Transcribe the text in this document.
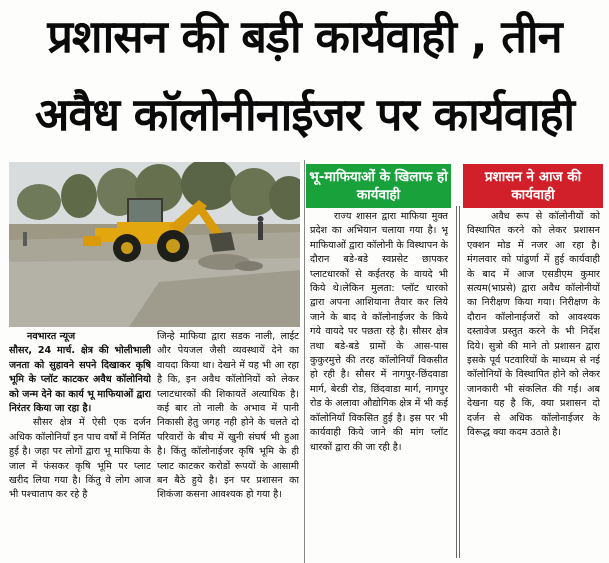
प्रशासन की बड़ी कार्यवाही , तीन
अवैध कॉलोनीनाईजर पर कार्यवाही
नवभारत न्यूज

सौसर, 24 मार्च. क्षेत्र की भोलीभाली जनता को सुहावने सपने दिखाकर कृषि भूमि के प्लॉट काटकर अवैध कॉलोनियो को जन्म देने का कार्य भू माफियाओं द्वारा निरंतर किया जा रहा है।

सौसर क्षेत्र में ऐसी एक दर्जन अधिक कॉलोनियाँ इन पाच वर्षों में निर्मित हुई है। जहा पर लोगों द्वारा भू माफिया के जाल में फंसकर कृषि भूमि पर प्लाट खरीद लिया गया है। किंतु वे लोग आज भी पश्चाताप कर रहे है

जिन्हे माफिया द्वारा सडक नाली, लाईट और पेयजल जैसी व्यवस्थायें देने का वायदा किया था। देखने में यह भी आ रहा है कि, इन अवैध कॉलोनियों को लेकर प्लाटधारकों की शिकायतें अत्याधिक है। कई बार तो नाली के अभाव में पानी निकासी हेतु जगह नही होने के चलते दो परिवारों के बीच में खुनी संघर्ष भी हुआ है। किंतु कॉलोनाईजर कृषि भूमि के ही प्लाट काटकर करोडों रूपयों के आसामी बन बैठे हुये है। इन पर प्रशासन का शिकंजा कसना आवश्यक हो गया है।

भू-माफियाओं के खिलाफ हो कार्यवाही

राज्य शासन द्वारा माफिया मुक्त प्रदेश का अभियान चलाया गया है। भू माफियाओं द्वारा कॉलोनी के विस्थापन के दौरान बडे-बडे स्वप्नसेट छापकर प्लाटधारकों से कईतरह के वायदे भी किये थे।लेकिन मुलता: प्लॉट धारको द्वारा अपना आशियाना तैयार कर लिये जाने के बाद वे कॉलोनाईजर के किये गये वायदे पर पछता रहे है। सौसर क्षेत्र तथा बडे-बडे ग्रामों के आस-पास कुकुरमुत्ते की तरह कॉलोनियाँ विकसीत हो रही है। सौसर में नागपुर-छिंदवाडा मार्ग, बेरडी रोड, छिंदवाडा मार्ग, नागपुर रोड के अलावा औद्योगिक क्षेत्र में भी कई कॉलोनियाँ विकसित हुई है। इस पर भी कार्यवाही किये जाने की मांग प्लॉट धारकों द्वारा की जा रही है।

प्रशासन ने आज की कार्यवाही

अवैध रूप से कॉलोनीयों को विस्थापित करने को लेकर प्रशासन एक्शन मोड में नजर आ रहा है। मंगलवार को पांढुर्णा में हुई कार्यवाही के बाद में आज एसडीएम कुमार सत्यम(भाप्रसे) द्वारा अवैध कॉलोनीयों का निरीक्षण किया गया। निरीक्षण के दौरान कॉलोनाईजरों को आवश्यक दस्तावेज प्रस्तुत करने के भी निर्देश दिये। सुत्रो की माने तो प्रशासन द्वारा इसके पूर्व पटवारियों के माध्यम से नई कॉलोनियों के विस्थापित होने को लेकर जानकारी भी संकलित की गई। अब देखना यह है कि, क्या प्रशासन दो दर्जन से अधिक कॉलोनाईजर के विरूद्ध क्या कदम उठाते है।
